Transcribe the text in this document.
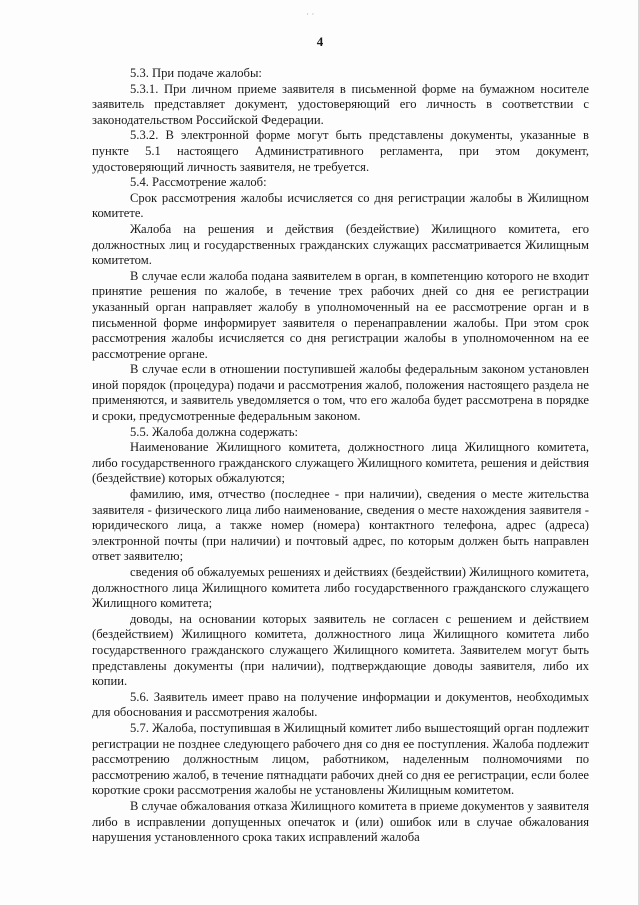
ʹ ʹ
4

5.3. При подаче жалобы:

5.3.1. При личном приеме заявителя в письменной форме на бумажном носителе заявитель представляет документ, удостоверяющий его личность в соответствии с законодательством Российской Федерации.

5.3.2. В электронной форме могут быть представлены документы, указанные в пункте 5.1 настоящего Административного регламента, при этом документ, удостоверяющий личность заявителя, не требуется.

5.4. Рассмотрение жалоб:

Срок рассмотрения жалобы исчисляется со дня регистрации жалобы в Жилищном комитете.

Жалоба на решения и действия (бездействие) Жилищного комитета, его должностных лиц и государственных гражданских служащих рассматривается Жилищным комитетом.

В случае если жалоба подана заявителем в орган, в компетенцию которого не входит принятие решения по жалобе, в течение трех рабочих дней со дня ее регистрации указанный орган направляет жалобу в уполномоченный на ее рассмотрение орган и в письменной форме информирует заявителя о перенаправлении жалобы. При этом срок рассмотрения жалобы исчисляется со дня регистрации жалобы в уполномоченном на ее рассмотрение органе.

В случае если в отношении поступившей жалобы федеральным законом установлен иной порядок (процедура) подачи и рассмотрения жалоб, положения настоящего раздела не применяются, и заявитель уведомляется о том, что его жалоба будет рассмотрена в порядке и сроки, предусмотренные федеральным законом.

5.5. Жалоба должна содержать:

Наименование Жилищного комитета, должностного лица Жилищного комитета, либо государственного гражданского служащего Жилищного комитета, решения и действия (бездействие) которых обжалуются;

фамилию, имя, отчество (последнее - при наличии), сведения о месте жительства заявителя - физического лица либо наименование, сведения о месте нахождения заявителя - юридического лица, а также номер (номера) контактного телефона, адрес (адреса) электронной почты (при наличии) и почтовый адрес, по которым должен быть направлен ответ заявителю;

сведения об обжалуемых решениях и действиях (бездействии) Жилищного комитета, должностного лица Жилищного комитета либо государственного гражданского служащего Жилищного комитета;

доводы, на основании которых заявитель не согласен с решением и действием (бездействием) Жилищного комитета, должностного лица Жилищного комитета либо государственного гражданского служащего Жилищного комитета. Заявителем могут быть представлены документы (при наличии), подтверждающие доводы заявителя, либо их копии.

5.6. Заявитель имеет право на получение информации и документов, необходимых для обоснования и рассмотрения жалобы.

5.7. Жалоба, поступившая в Жилищный комитет либо вышестоящий орган подлежит регистрации не позднее следующего рабочего дня со дня ее поступления. Жалоба подлежит рассмотрению должностным лицом, работником, наделенным полномочиями по рассмотрению жалоб, в течение пятнадцати рабочих дней со дня ее регистрации, если более короткие сроки рассмотрения жалобы не установлены Жилищным комитетом.

В случае обжалования отказа Жилищного комитета в приеме документов у заявителя либо в исправлении допущенных опечаток и (или) ошибок или в случае обжалования нарушения установленного срока таких исправлений жалоба
